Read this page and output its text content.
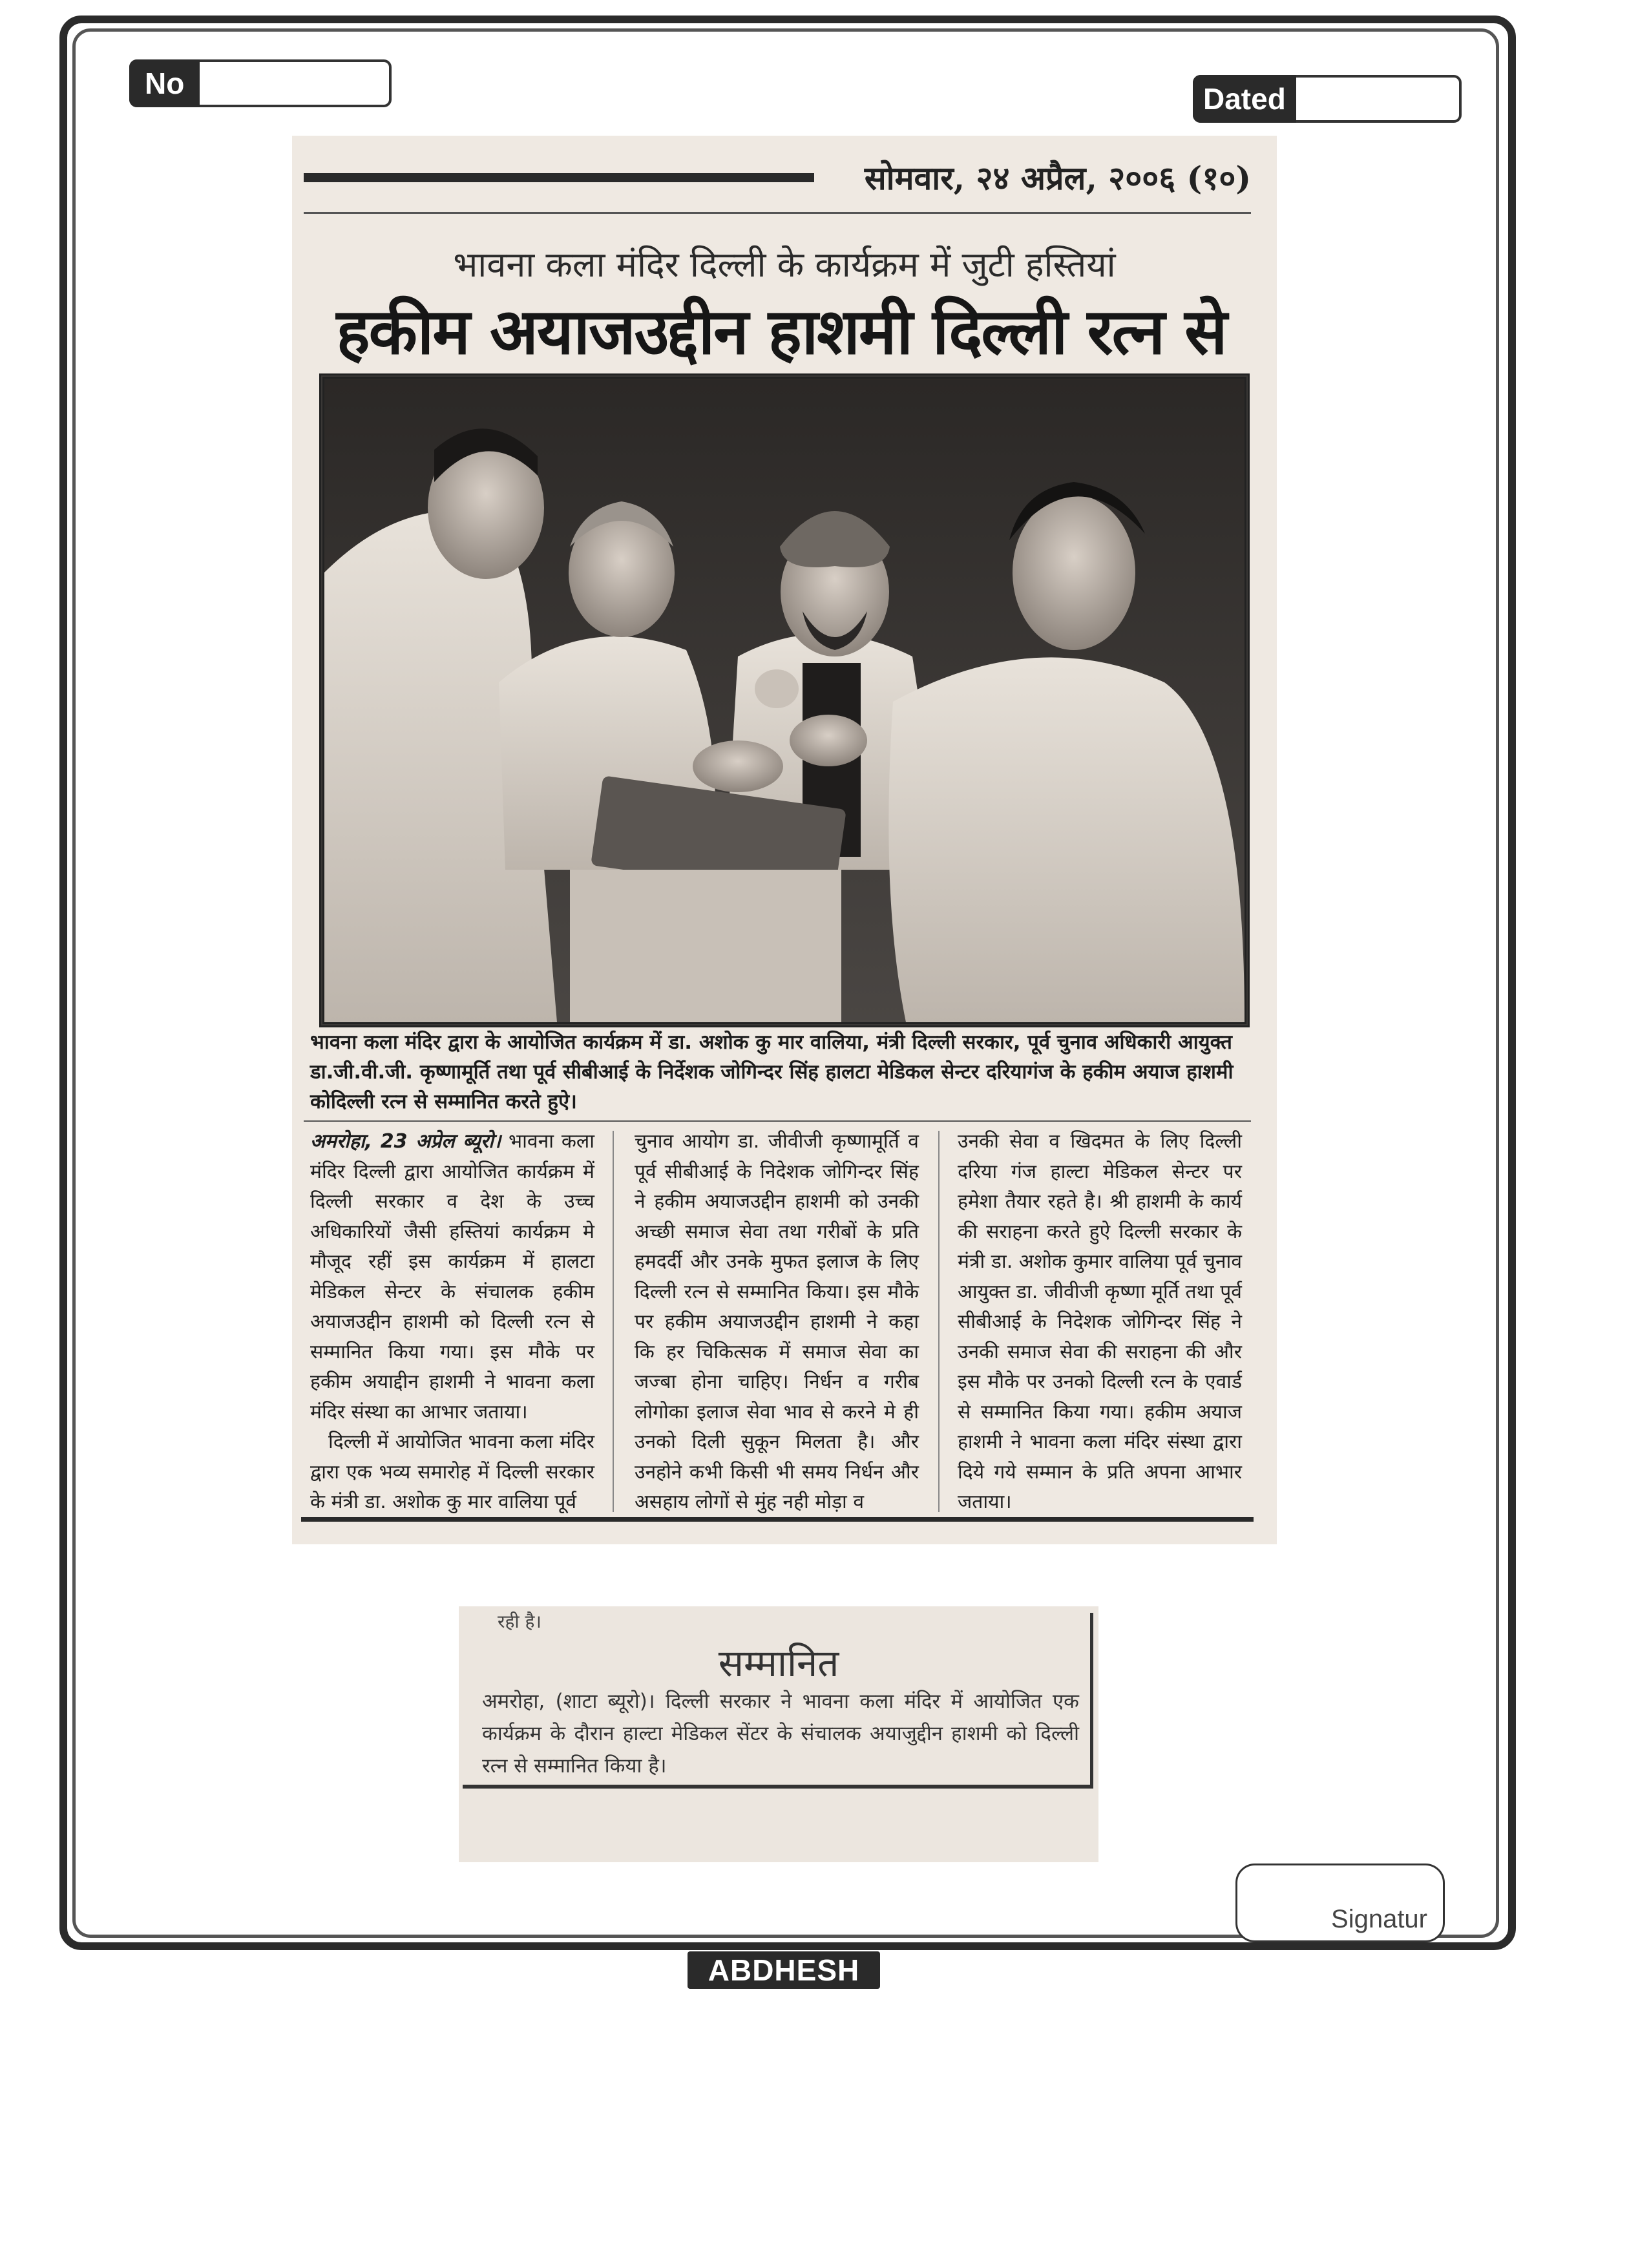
No	Dated
सोमवार, २४ अप्रैल, २००६ (१०)
भावना कला मंदिर दिल्ली के कार्यक्रम में जुटी हस्तियां
हकीम अयाजउद्दीन हाशमी दिल्ली रत्न से
भावना कला मंदिर द्वारा के आयोजित कार्यक्रम में डा. अशोक कु मार वालिया, मंत्री दिल्ली सरकार, पूर्व चुनाव अधिकारी आयुक्त डा.जी.वी.जी. कृष्णामूर्ति तथा पूर्व सीबीआई के निर्देशक जोगिन्दर सिंह हालटा मेडिकल सेन्टर दरियागंज के हकीम अयाज हाशमी कोदिल्ली रत्न से सम्मानित करते हुऐ।
अमरोहा, 23 अप्रेल ब्यूरो। भावना कला मंदिर दिल्ली द्वारा आयोजित कार्यक्रम में दिल्ली सरकार व देश के उच्च अधिकारियों जैसी हस्तियां कार्यक्रम मे मौजूद रहीं इस कार्यक्रम में हालटा मेडिकल सेन्टर के संचालक हकीम अयाजउद्दीन हाशमी को दिल्ली रत्न से सम्मानित किया गया। इस मौके पर हकीम अयाद्दीन हाशमी ने भावना कला मंदिर संस्था का आभार जताया।
दिल्ली में आयोजित भावना कला मंदिर द्वारा एक भव्य समारोह में दिल्ली सरकार के मंत्री डा. अशोक कु मार वालिया पूर्व
चुनाव आयोग डा. जीवीजी कृष्णामूर्ति व पूर्व सीबीआई के निदेशक जोगिन्दर सिंह ने हकीम अयाजउद्दीन हाशमी को उनकी अच्छी समाज सेवा तथा गरीबों के प्रति हमदर्दी और उनके मुफत इलाज के लिए दिल्ली रत्न से सम्मानित किया। इस मौके पर हकीम अयाजउद्दीन हाशमी ने कहा कि हर चिकित्सक में समाज सेवा का जज्बा होना चाहिए। निर्धन व गरीब लोगोका इलाज सेवा भाव से करने मे ही उनको दिली सुकून मिलता है। और उनहोने कभी किसी भी समय निर्धन और असहाय लोगों से मुंह नही मोड़ा व
उनकी सेवा व खिदमत के लिए दिल्ली दरिया गंज हाल्टा मेडिकल सेन्टर पर हमेशा तैयार रहते है। श्री हाशमी के कार्य की सराहना करते हुऐ दिल्ली सरकार के मंत्री डा. अशोक कुमार वालिया पूर्व चुनाव आयुक्त डा. जीवीजी कृष्णा मूर्ति तथा पूर्व सीबीआई के निदेशक जोगिन्दर सिंह ने उनकी समाज सेवा की सराहना की और इस मौके पर उनको दिल्ली रत्न के एवार्ड से सम्मानित किया गया। हकीम अयाज हाशमी ने भावना कला मंदिर संस्था द्वारा दिये गये सम्मान के प्रति अपना आभार जताया।
रही है।
सम्मानित
अमरोहा, (शाटा ब्यूरो)। दिल्ली सरकार ने भावना कला मंदिर में आयोजित एक कार्यक्रम के दौरान हाल्टा मेडिकल सेंटर के संचालक अयाजुद्दीन हाशमी को दिल्ली रत्न से सम्मानित किया है।
Signatur
ABDHESH
